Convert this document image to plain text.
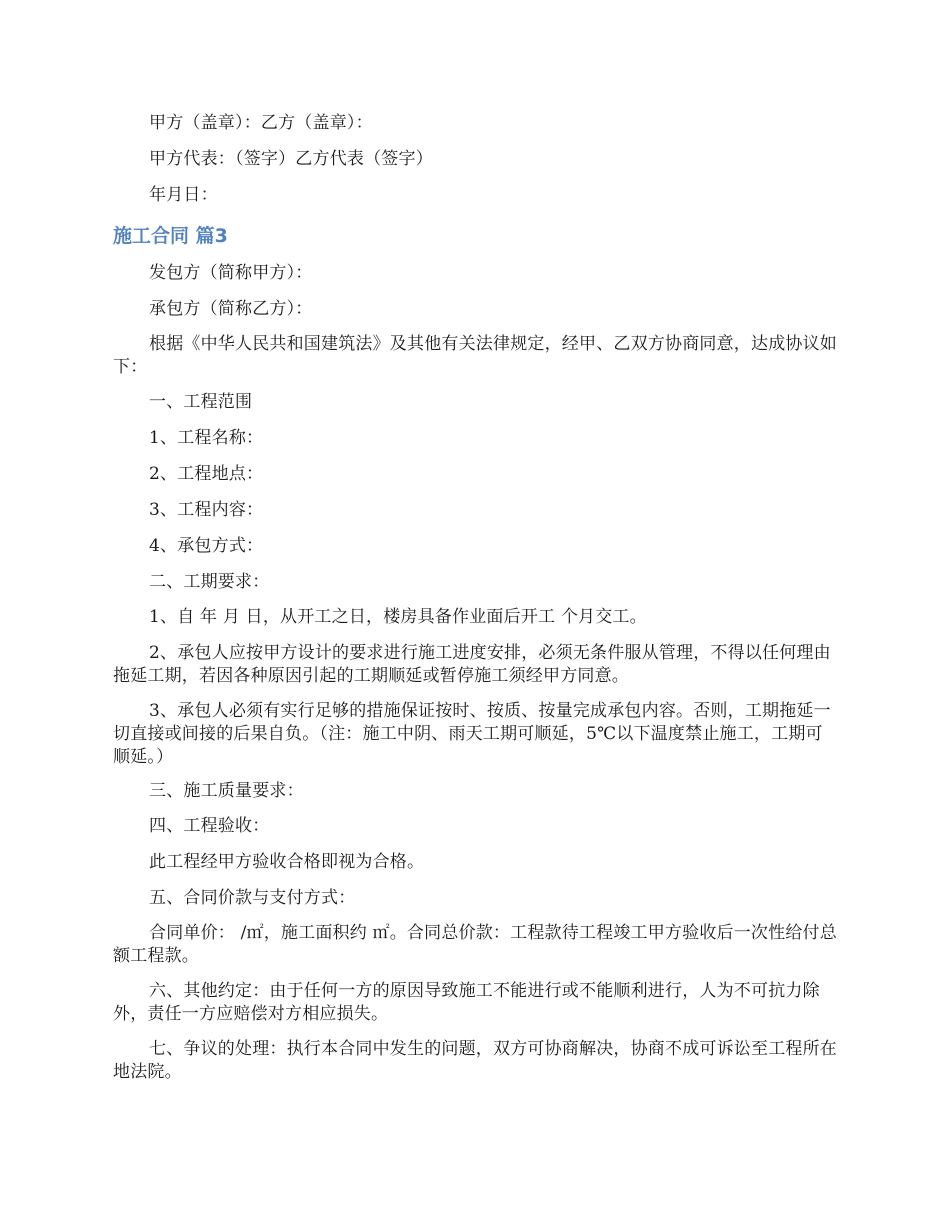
甲方（盖章）：乙方（盖章）：
甲方代表：（签字）乙方代表（签字）
年月日：
施工合同 篇3
发包方（简称甲方）：
承包方（简称乙方）：
根据《中华人民共和国建筑法》及其他有关法律规定，经甲、乙双方协商同意，达成协议如下：
一、工程范围
1、工程名称：
2、工程地点：
3、工程内容：
4、承包方式：
二、工期要求：
1、自 年 月 日，从开工之日，楼房具备作业面后开工 个月交工。
2、承包人应按甲方设计的要求进行施工进度安排，必须无条件服从管理，不得以任何理由拖延工期，若因各种原因引起的工期顺延或暂停施工须经甲方同意。
3、承包人必须有实行足够的措施保证按时、按质、按量完成承包内容。否则，工期拖延一切直接或间接的后果自负。（注：施工中阴、雨天工期可顺延，5℃以下温度禁止施工，工期可顺延。）
三、施工质量要求：
四、工程验收：
此工程经甲方验收合格即视为合格。
五、合同价款与支付方式：
合同单价： /㎡，施工面积约 ㎡。合同总价款：工程款待工程竣工甲方验收后一次性给付总额工程款。
六、其他约定：由于任何一方的原因导致施工不能进行或不能顺利进行，人为不可抗力除外，责任一方应赔偿对方相应损失。
七、争议的处理：执行本合同中发生的问题，双方可协商解决，协商不成可诉讼至工程所在地法院。
